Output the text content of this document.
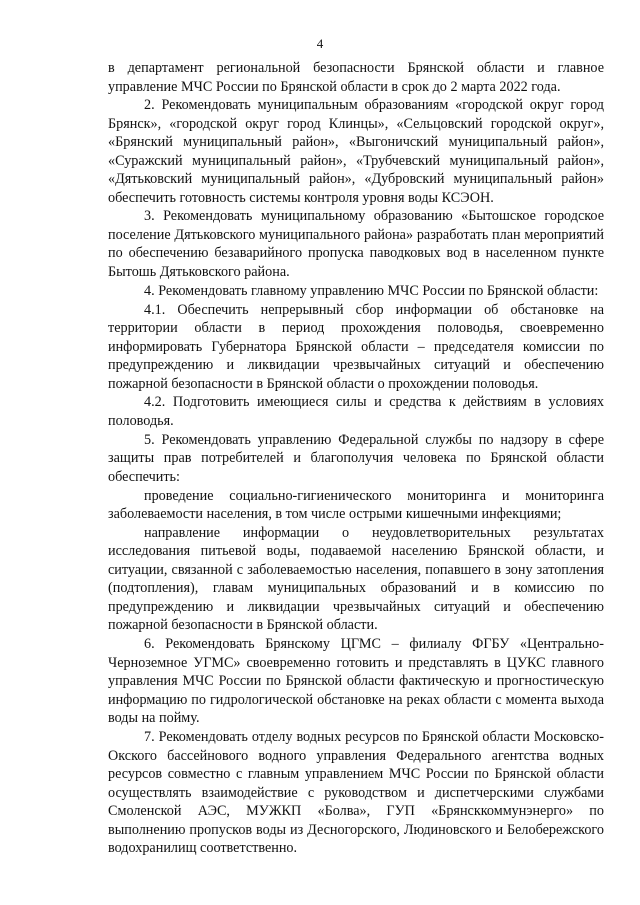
4

в департамент региональной безопасности Брянской области и главное управление МЧС России по Брянской области в срок до 2 марта 2022 года.

2. Рекомендовать муниципальным образованиям «городской округ город Брянск», «городской округ город Клинцы», «Сельцовский городской округ», «Брянский муниципальный район», «Выгоничский муниципальный район», «Суражский муниципальный район», «Трубчевский муниципальный район», «Дятьковский муниципальный район», «Дубровский муниципальный район» обеспечить готовность системы контроля уровня воды КСЭОН.

3. Рекомендовать муниципальному образованию «Бытошское городское поселение Дятьковского муниципального района» разработать план мероприятий по обеспечению безаварийного пропуска паводковых вод в населенном пункте Бытошь Дятьковского района.

4. Рекомендовать главному управлению МЧС России по Брянской области:

4.1. Обеспечить непрерывный сбор информации об обстановке на территории области в период прохождения половодья, своевременно информировать Губернатора Брянской области – председателя комиссии по предупреждению и ликвидации чрезвычайных ситуаций и обеспечению пожарной безопасности в Брянской области о прохождении половодья.

4.2. Подготовить имеющиеся силы и средства к действиям в условиях половодья.

5. Рекомендовать управлению Федеральной службы по надзору в сфере защиты прав потребителей и благополучия человека по Брянской области обеспечить:

проведение социально-гигиенического мониторинга и мониторинга заболеваемости населения, в том числе острыми кишечными инфекциями;

направление информации о неудовлетворительных результатах исследования питьевой воды, подаваемой населению Брянской области, и ситуации, связанной с заболеваемостью населения, попавшего в зону затопления (подтопления), главам муниципальных образований и в комиссию по предупреждению и ликвидации чрезвычайных ситуаций и обеспечению пожарной безопасности в Брянской области.

6. Рекомендовать Брянскому ЦГМС – филиалу ФГБУ «Центрально-Черноземное УГМС» своевременно готовить и представлять в ЦУКС главного управления МЧС России по Брянской области фактическую и прогностическую информацию по гидрологической обстановке на реках области с момента выхода воды на пойму.

7. Рекомендовать отделу водных ресурсов по Брянской области Московско-Окского бассейнового водного управления Федерального агентства водных ресурсов совместно с главным управлением МЧС России по Брянской области осуществлять взаимодействие с руководством и диспетчерскими службами Смоленской АЭС, МУЖКП «Болва», ГУП «Брянсккоммунэнерго» по выполнению пропусков воды из Десногорского, Людиновского и Белобережского водохранилищ соответственно.
